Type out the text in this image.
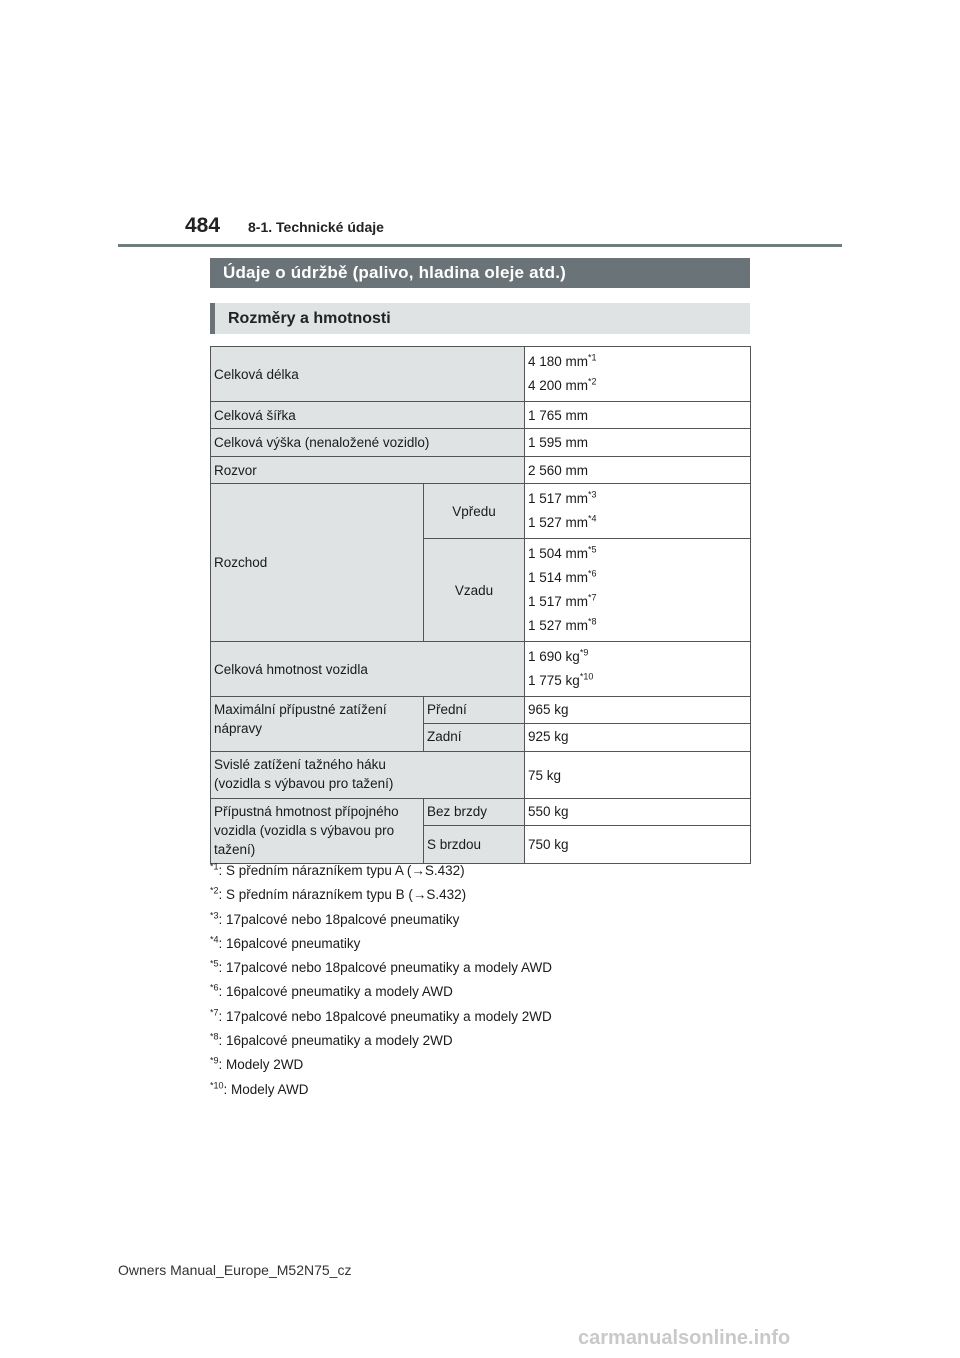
484 8-1. Technické údaje
Údaje o údržbě (palivo, hladina oleje atd.)
Rozměry a hmotnosti
Celková délka		4 180 $mm^{*1}$
4 200 $mm^{*2}$

Celková šířka		1 765 mm
Celková výška (nenaložené vozidlo)		1 595 mm
Rozvor		2 560 mm
Rozchod	Vpředu	1 517 $mm^{*3}$
1 527 $mm^{*4}$

	Vzadu	1 504 $mm^{*5}$
1 514 $mm^{*6}$
1 517 $mm^{*7}$
1 527 $mm^{*8}$

Celková hmotnost vozidla		1 690 $kg^{*9}$
1 775 $kg^{*10}$

Maximální přípustné zatížení nápravy	Přední	965 kg
	Zadní	925 kg

Svislé zatížení tažného háku
(vozidla s výbavou pro tažení)		75 kg
Přípustná hmotnost přípojného vozidla (vozidla s výbavou pro tažení)	Bez brzdy	550 kg
	S brzdou	750 kg
$^{*1}$: S předním nárazníkem typu A (→S.432)
$^{*2}$: S předním nárazníkem typu B (→S.432)
$^{*3}$: 17palcové nebo 18palcové pneumatiky
$^{*4}$: 16palcové pneumatiky
$^{*5}$: 17palcové nebo 18palcové pneumatiky a modely AWD
$^{*6}$: 16palcové pneumatiky a modely AWD
$^{*7}$: 17palcové nebo 18palcové pneumatiky a modely 2WD
$^{*8}$: 16palcové pneumatiky a modely 2WD
$^{*9}$: Modely 2WD
$^{*10}$: Modely AWD
Owners Manual_Europe_M52N75_cz
carmanualsonline.info
